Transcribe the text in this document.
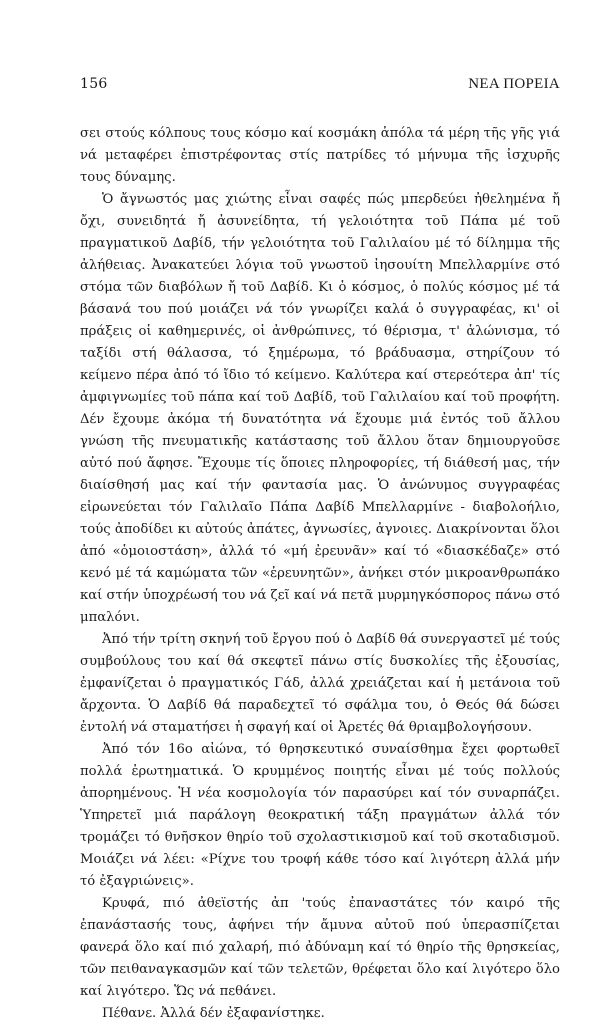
156	ΝΕΑ ΠΟΡΕΙΑ

σει στούς κόλπους τους κόσμο καί κοσμάκη ἀπόλα τά μέρη τῆς γῆς γιά νά μεταφέρει ἐπιστρέφοντας στίς πατρίδες τό μήνυμα τῆς ἰσχυρῆς τους δύναμης.

Ὁ ἄγνωστός μας χιώτης εἶναι σαφές πώς μπερδεύει ἠθελημένα ἤ ὄχι, συνειδητά ἤ ἀσυνείδητα, τή γελοιότητα τοῦ Πάπα μέ τοῦ πραγματικοῦ Δαβίδ, τήν γελοιότητα τοῦ Γαλιλαίου μέ τό δίλημμα τῆς ἀλήθειας. Ἀνακατεύει λόγια τοῦ γνωστοῦ ἰησουίτη Μπελλαρμίνε στό στόμα τῶν διαβόλων ἤ τοῦ Δαβίδ. Κι ὁ κόσμος, ὁ πολύς κόσμος μέ τά βάσανά του πού μοιάζει νά τόν γνωρίζει καλά ὁ συγγραφέας, κι' οἱ πράξεις οἱ καθημερινές, οἱ ἀνθρώπινες, τό θέρισμα, τ' ἁλώνισμα, τό ταξίδι στή θάλασσα, τό ξημέρωμα, τό βράδυασμα, στηρίζουν τό κείμενο πέρα ἀπό τό ἴδιο τό κείμενο. Καλύτερα καί στερεότερα ἀπ' τίς ἀμφιγνωμίες τοῦ πάπα καί τοῦ Δαβίδ, τοῦ Γαλιλαίου καί τοῦ προφήτη. Δέν ἔχουμε ἀκόμα τή δυνατότητα νά ἔχουμε μιά ἐντός τοῦ ἄλλου γνώση τῆς πνευματικῆς κατάστασης τοῦ ἄλλου ὅταν δημιουργοῦσε αὐτό πού ἄφησε. Ἔχουμε τίς ὅποιες πληροφορίες, τή διάθεσή μας, τήν διαίσθησή μας καί τήν φαντασία μας. Ὁ ἀνώνυμος συγγραφέας εἰρωνεύεται τόν Γαλιλαῖο Πάπα Δαβίδ Μπελλαρμίνε - διαβολοήλιο, τούς ἀποδίδει κι αὐτούς ἀπάτες, ἀγνωσίες, ἀγνοιες. Διακρίνονται ὅλοι ἀπό «ὁμοιοστάση», ἀλλά τό «μή ἐρευνᾶν» καί τό «διασκέδαζε» στό κενό μέ τά καμώματα τῶν «ἐρευνητῶν», ἀνήκει στόν μικροανθρωπάκο καί στήν ὑποχρέωσή του νά ζεῖ καί νά πετᾶ μυρμηγκόσπορος πάνω στό μπαλόνι.

Ἀπό τήν τρίτη σκηνή τοῦ ἔργου πού ὁ Δαβίδ θά συνεργαστεῖ μέ τούς συμβούλους του καί θά σκεφτεῖ πάνω στίς δυσκολίες τῆς ἐξουσίας, ἐμφανίζεται ὁ πραγματικός Γάδ, ἀλλά χρειάζεται καί ἡ μετάνοια τοῦ ἄρχοντα. Ὁ Δαβίδ θά παραδεχτεῖ τό σφάλμα του, ὁ Θεός θά δώσει ἐντολή νά σταματήσει ἡ σφαγή καί οἱ Ἀρετές θά θριαμβολογήσουν.

Ἀπό τόν 16ο αἰώνα, τό θρησκευτικό συναίσθημα ἔχει φορτωθεῖ πολλά ἐρωτηματικά. Ὁ κρυμμένος ποιητής εἶναι μέ τούς πολλούς ἀπορημένους. Ἡ νέα κοσμολογία τόν παρασύρει καί τόν συναρπάζει. Ὑπηρετεῖ μιά παράλογη θεοκρατική τάξη πραγμάτων ἀλλά τόν τρομάζει τό θνῆσκον θηρίο τοῦ σχολαστικισμοῦ καί τοῦ σκοταδισμοῦ. Μοιάζει νά λέει: «Ρίχνε του τροφή κάθε τόσο καί λιγότερη ἀλλά μήν τό ἐξαγριώνεις».

Κρυφά, πιό ἀθεϊστής ἀπ 'τούς ἐπαναστάτες τόν καιρό τῆς ἐπανάστασής τους, ἀφήνει τήν ἄμυνα αὐτοῦ πού ὑπερασπίζεται φανερά ὅλο καί πιό χαλαρή, πιό ἀδύναμη καί τό θηρίο τῆς θρησκείας, τῶν πειθαναγκασμῶν καί τῶν τελετῶν, θρέφεται ὅλο καί λιγότερο ὅλο καί λιγότερο. Ὥς νά πεθάνει.

Πέθανε. Ἀλλά δέν ἐξαφανίστηκε.
